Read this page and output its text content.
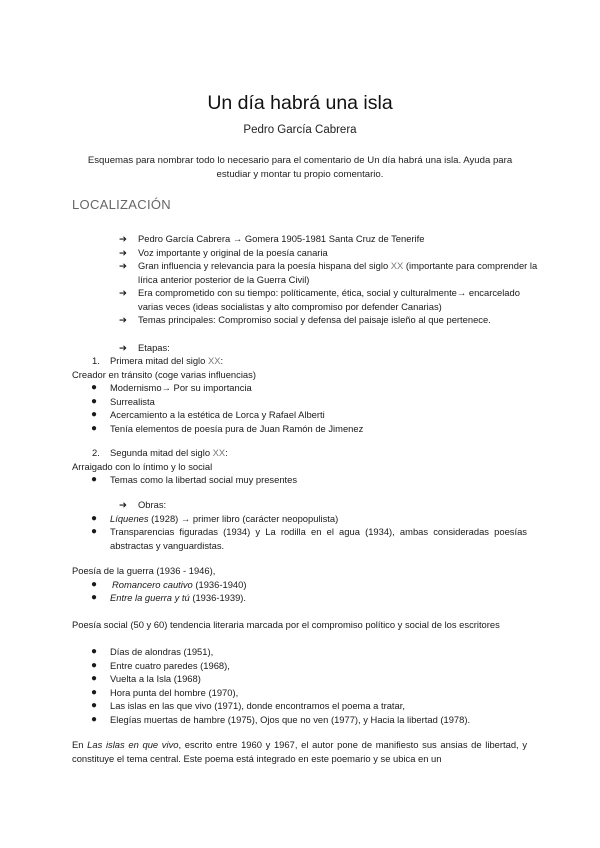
Un día habrá una isla
Pedro García Cabrera
Esquemas para nombrar todo lo necesario para el comentario de Un día habrá una isla. Ayuda para estudiar y montar tu propio comentario.
LOCALIZACIÓN
➔ Pedro García Cabrera → Gomera 1905-1981 Santa Cruz de Tenerife
➔ Voz importante y original de la poesía canaria
➔ Gran influencia y relevancia para la poesía hispana del siglo XX (importante para comprender la lírica anterior posterior de la Guerra Civil)
➔ Era comprometido con su tiempo: políticamente, ética, social y culturalmente→ encarcelado varias veces (ideas socialistas y alto compromiso por defender Canarias)
➔ Temas principales: Compromiso social y defensa del paisaje isleño al que pertenece.
➔ Etapas:
1. Primera mitad del siglo XX:
Creador en tránsito (coge varias influencias)
● Modernismo→ Por su importancia
● Surrealista
● Acercamiento a la estética de Lorca y Rafael Alberti
● Tenía elementos de poesía pura de Juan Ramón de Jimenez
2. Segunda mitad del siglo XX:
Arraigado con lo íntimo y lo social
● Temas como la libertad social muy presentes
➔ Obras:
● Líquenes (1928) → primer libro (carácter neopopulista)
● Transparencias figuradas (1934) y La rodilla en el agua (1934), ambas consideradas poesías abstractas y vanguardistas.
Poesía de la guerra (1936 - 1946),
● Romancero cautivo (1936-1940)
● Entre la guerra y tú (1936-1939).
Poesía social (50 y 60) tendencia literaria marcada por el compromiso político y social de los escritores
● Días de alondras (1951),
● Entre cuatro paredes (1968),
● Vuelta a la Isla (1968)
● Hora punta del hombre (1970),
● Las islas en las que vivo (1971), donde encontramos el poema a tratar,
● Elegías muertas de hambre (1975), Ojos que no ven (1977), y Hacia la libertad (1978).
En Las islas en que vivo, escrito entre 1960 y 1967, el autor pone de manifiesto sus ansias de libertad, y constituye el tema central. Este poema está integrado en este poemario y se ubica en un
